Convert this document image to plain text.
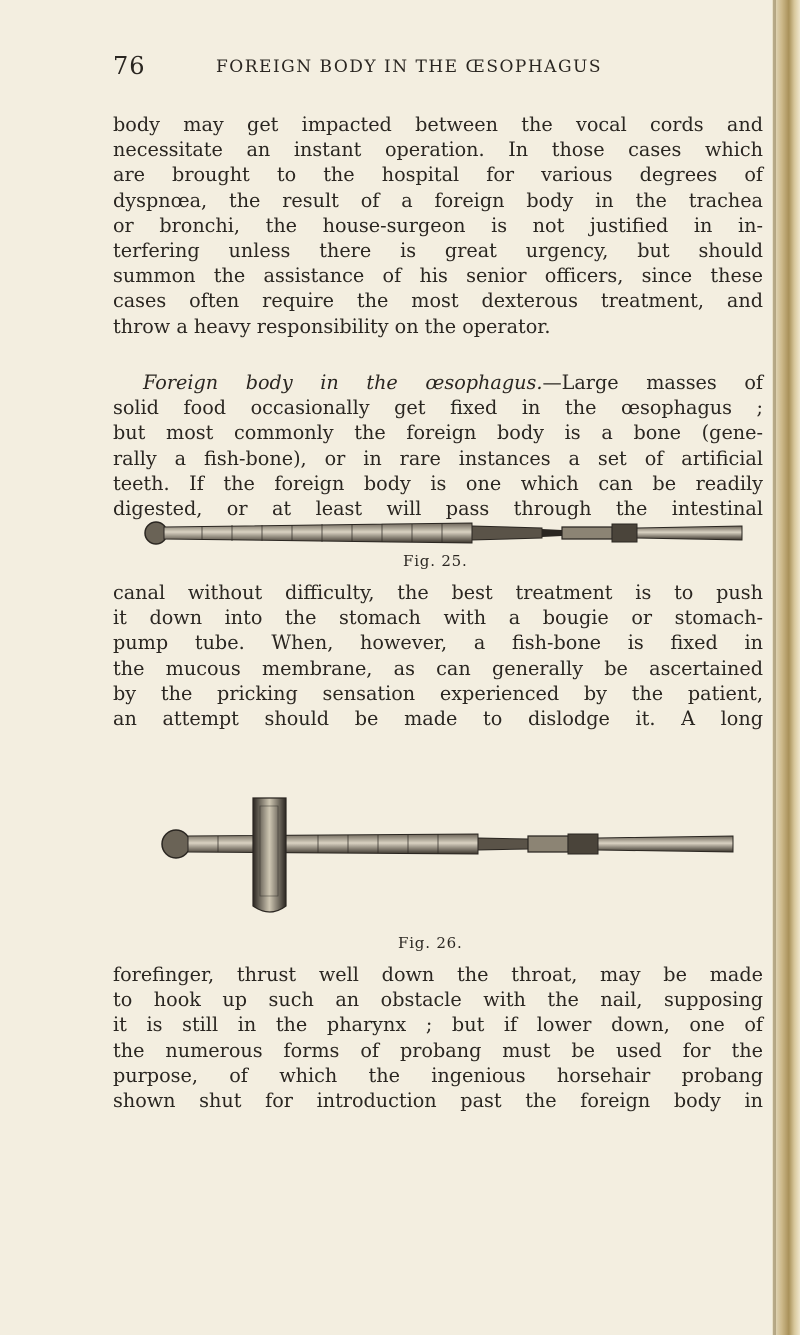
76	FOREIGN BODY IN THE ŒSOPHAGUS
body may get impacted between the vocal cords and
necessitate an instant operation. In those cases which
are brought to the hospital for various degrees of
dyspnœa, the result of a foreign body in the trachea
or bronchi, the house-surgeon is not justified in in-
terfering unless there is great urgency, but should
summon the assistance of his senior officers, since these
cases often require the most dexterous treatment, and
throw a heavy responsibility on the operator.
Foreign body in the œsophagus.—Large masses of
solid food occasionally get fixed in the œsophagus ;
but most commonly the foreign body is a bone (gene-
rally a fish-bone), or in rare instances a set of artificial
teeth. If the foreign body is one which can be readily
digested, or at least will pass through the intestinal
Fig. 25.
canal without difficulty, the best treatment is to push
it down into the stomach with a bougie or stomach-
pump tube. When, however, a fish-bone is fixed in
the mucous membrane, as can generally be ascertained
by the pricking sensation experienced by the patient,
an attempt should be made to dislodge it. A long
Fig. 26.
forefinger, thrust well down the throat, may be made
to hook up such an obstacle with the nail, supposing
it is still in the pharynx ; but if lower down, one of
the numerous forms of probang must be used for the
purpose, of which the ingenious horsehair probang
shown shut for introduction past the foreign body in
